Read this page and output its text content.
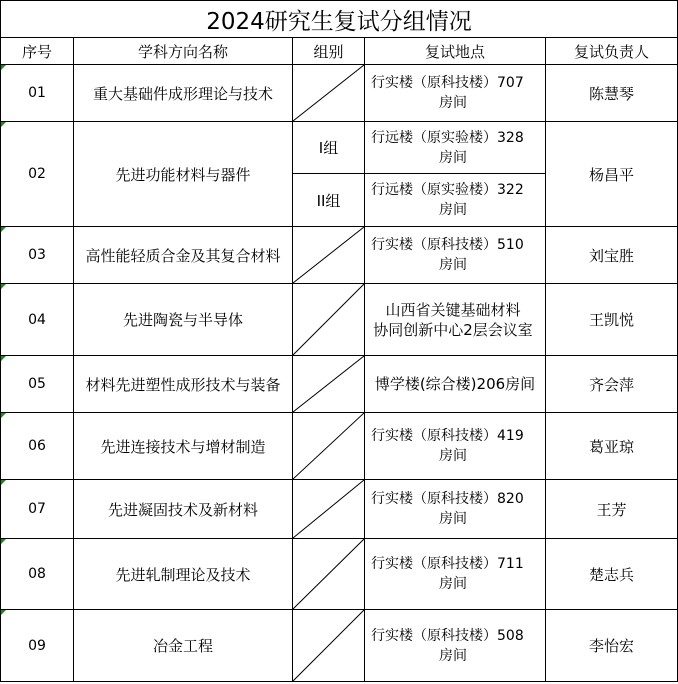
2024研究生复试分组情况				
序号	学科方向名称	组别	复试地点	复试负责人

01	重大基础件成形理论与技术		行实楼（原科技楼）707
房间	陈慧琴

02	先进功能材料与器件	I组	行远楼（原实验楼）328
房间	杨昌平
		II组	行远楼（原实验楼）322
房间	

03	高性能轻质合金及其复合材料		行实楼（原科技楼）510
房间	刘宝胜

04	先进陶瓷与半导体		山西省关键基础材料
协同创新中心2层会议室	王凯悦

05	材料先进塑性成形技术与装备		博学楼(综合楼)206房间	齐会萍

06	先进连接技术与增材制造		行实楼（原科技楼）419
房间	葛亚琼

07	先进凝固技术及新材料		行实楼（原科技楼）820
房间	王芳

08	先进轧制理论及技术		行实楼（原科技楼）711
房间	楚志兵

09	冶金工程		行实楼（原科技楼）508
房间	李怡宏
